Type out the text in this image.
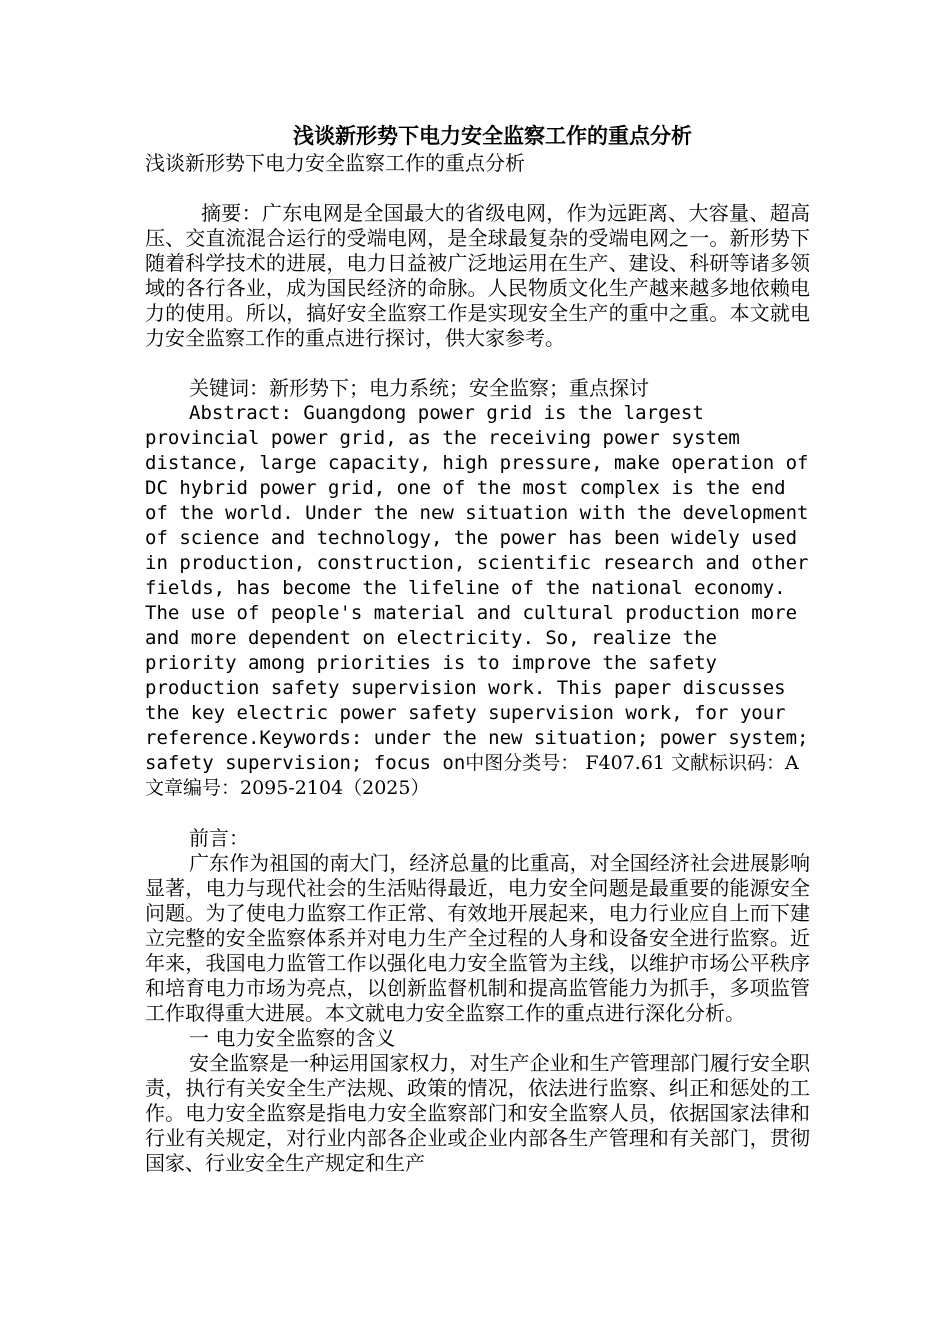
浅谈新形势下电力安全监察工作的重点分析

浅谈新形势下电力安全监察工作的重点分析

摘要：广东电网是全国最大的省级电网，作为远距离、大容量、超高压、交直流混合运行的受端电网，是全球最复杂的受端电网之一。新形势下随着科学技术的进展，电力日益被广泛地运用在生产、建设、科研等诸多领域的各行各业，成为国民经济的命脉。人民物质文化生产越来越多地依赖电力的使用。所以，搞好安全监察工作是实现安全生产的重中之重。本文就电力安全监察工作的重点进行探讨，供大家参考。

关键词：新形势下；电力系统；安全监察；重点探讨

Abstract: Guangdong power grid is the largest provincial power grid, as the receiving power system distance, large capacity, high pressure, make operation of DC hybrid power grid, one of the most complex is the end of the world. Under the new situation with the development of science and technology, the power has been widely used in production, construction, scientific research and other fields, has become the lifeline of the national economy. The use of people's material and cultural production more and more dependent on electricity. So, realize the priority among priorities is to improve the safety production safety supervision work. This paper discusses the key electric power safety supervision work, for your reference.Keywords: under the new situation; power system; safety supervision; focus on中图分类号： F407.61 文献标识码：A 文章编号：2095-2104（2025）

前言：

广东作为祖国的南大门，经济总量的比重高，对全国经济社会进展影响显著，电力与现代社会的生活贴得最近，电力安全问题是最重要的能源安全问题。为了使电力监察工作正常、有效地开展起来，电力行业应自上而下建立完整的安全监察体系并对电力生产全过程的人身和设备安全进行监察。近年来，我国电力监管工作以强化电力安全监管为主线，以维护市场公平秩序和培育电力市场为亮点，以创新监督机制和提高监管能力为抓手，多项监管工作取得重大进展。本文就电力安全监察工作的重点进行深化分析。

一 电力安全监察的含义

安全监察是一种运用国家权力，对生产企业和生产管理部门履行安全职责，执行有关安全生产法规、政策的情况，依法进行监察、纠正和惩处的工作。电力安全监察是指电力安全监察部门和安全监察人员，依据国家法律和行业有关规定，对行业内部各企业或企业内部各生产管理和有关部门，贯彻国家、行业安全生产规定和生产
